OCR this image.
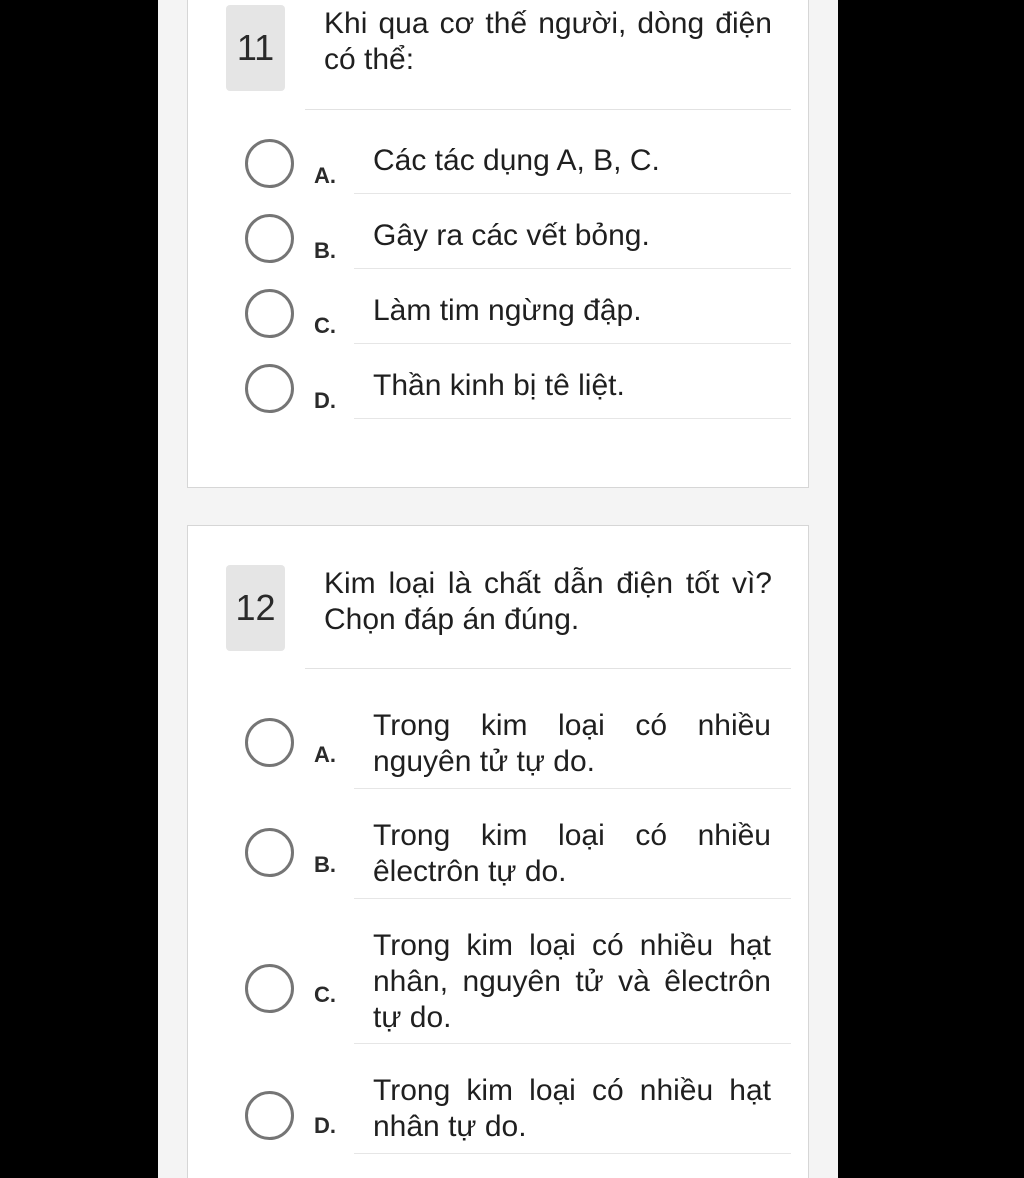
11
Khi qua cơ thế người, dòng điện có thể:
A.	Các tác dụng A, B, C.
B.	Gây ra các vết bỏng.
C.	Làm tim ngừng đập.
D.	Thần kinh bị tê liệt.
12
Kim loại là chất dẫn điện tốt vì? Chọn đáp án đúng.
A.
Trong kim loại có nhiều nguyên tử tự do.
B.
Trong kim loại có nhiều êlectrôn tự do.
C.
Trong kim loại có nhiều hạt nhân, nguyên tử và êlectrôn tự do.
D.
Trong kim loại có nhiều hạt nhân tự do.
